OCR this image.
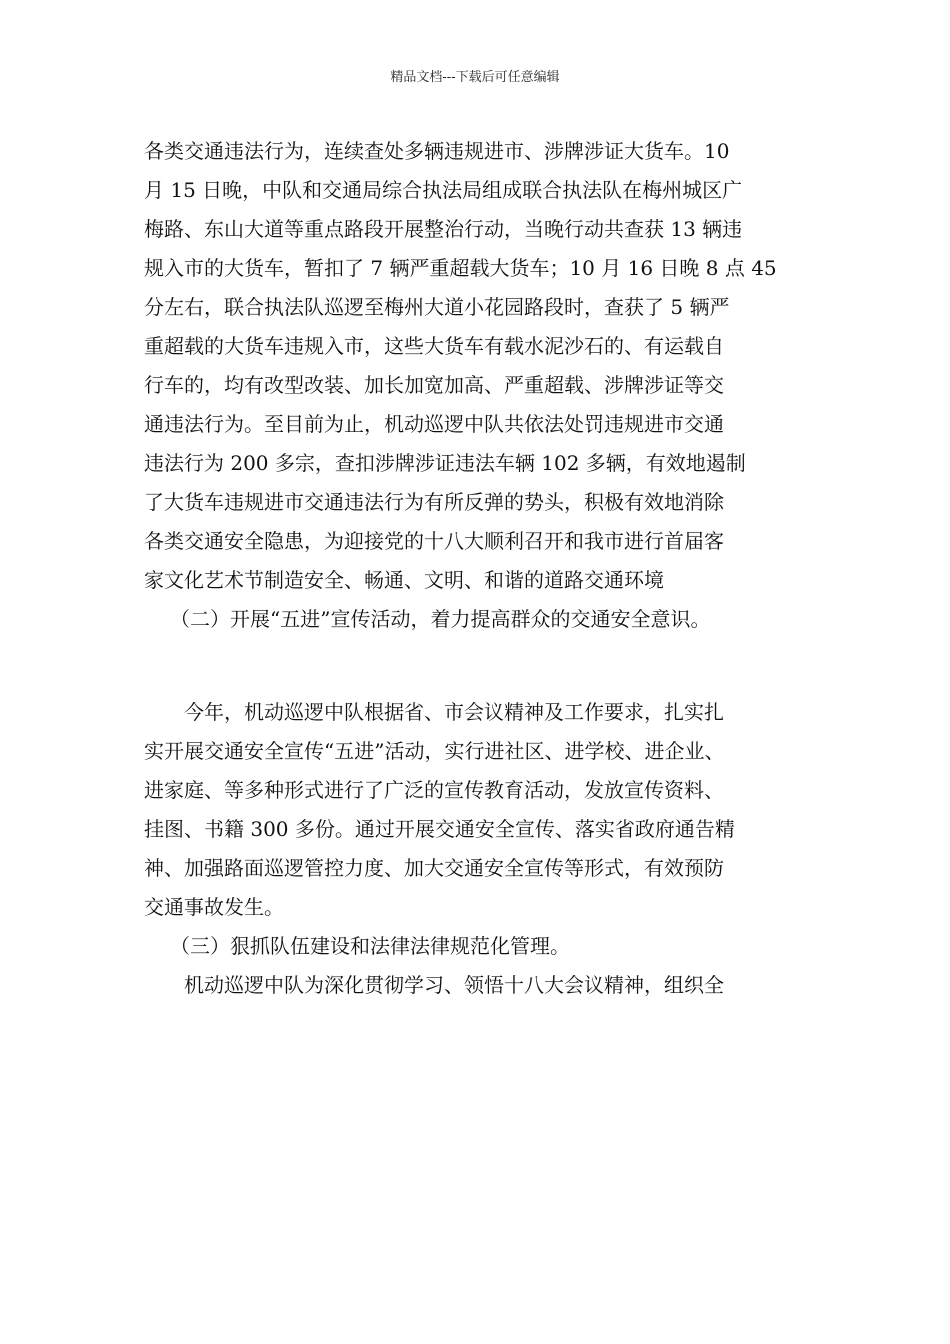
精品文档---下载后可任意编辑
各类交通违法行为，连续查处多辆违规进市、涉牌涉证大货车。10
月 15 日晚，中队和交通局综合执法局组成联合执法队在梅州城区广
梅路、东山大道等重点路段开展整治行动，当晚行动共查获 13 辆违
规入市的大货车，暂扣了 7 辆严重超载大货车；10 月 16 日晚 8 点 45
分左右，联合执法队巡逻至梅州大道小花园路段时，查获了 5 辆严
重超载的大货车违规入市，这些大货车有载水泥沙石的、有运载自
行车的，均有改型改装、加长加宽加高、严重超载、涉牌涉证等交
通违法行为。至目前为止，机动巡逻中队共依法处罚违规进市交通
违法行为 200 多宗，查扣涉牌涉证违法车辆 102 多辆，有效地遏制
了大货车违规进市交通违法行为有所反弹的势头，积极有效地消除
各类交通安全隐患，为迎接党的十八大顺利召开和我市进行首届客
家文化艺术节制造安全、畅通、文明、和谐的道路交通环境
（二）开展“五进”宣传活动，着力提高群众的交通安全意识。
今年，机动巡逻中队根据省、市会议精神及工作要求，扎实扎
实开展交通安全宣传“五进”活动，实行进社区、进学校、进企业、
进家庭、等多种形式进行了广泛的宣传教育活动，发放宣传资料、
挂图、书籍 300 多份。通过开展交通安全宣传、落实省政府通告精
神、加强路面巡逻管控力度、加大交通安全宣传等形式，有效预防
交通事故发生。
（三）狠抓队伍建设和法律法律规范化管理。
机动巡逻中队为深化贯彻学习、领悟十八大会议精神，组织全
